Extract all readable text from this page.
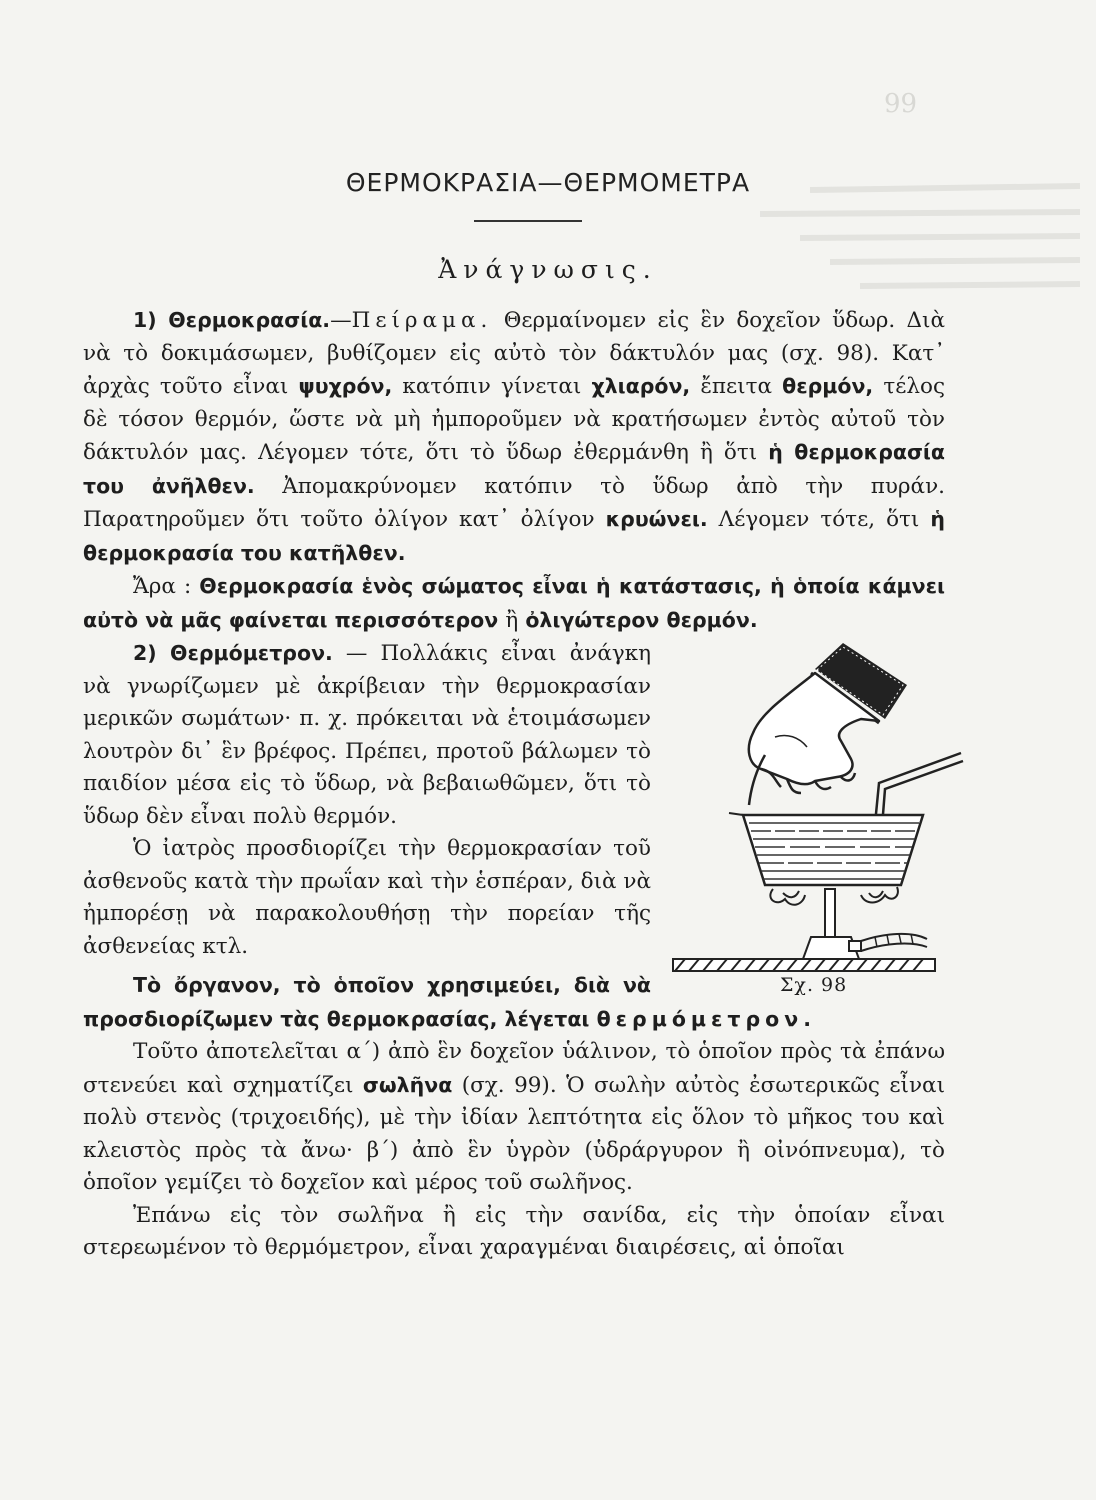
99
ΘΕΡΜΟΚΡΑΣΙΑ—ΘΕΡΜΟΜΕΤΡΑ
Ἀνάγνωσις.

1) Θερμοκρασία.—Πείραμα. Θερμαίνομεν εἰς ἓν δοχεῖον ὕδωρ. Διὰ νὰ τὸ δοκιμάσωμεν, βυθίζομεν εἰς αὐτὸ τὸν δάκτυλόν μας (σχ. 98). Κατ᾽ ἀρχὰς τοῦτο εἶναι ψυχρόν, κατόπιν γίνεται χλιαρόν, ἔπειτα θερμόν, τέλος δὲ τόσον θερμόν, ὥστε νὰ μὴ ἠμποροῦμεν νὰ κρατήσωμεν ἐντὸς αὐτοῦ τὸν δάκτυλόν μας. Λέγομεν τότε, ὅτι τὸ ὕδωρ ἐθερμάνθη ἢ ὅτι ἡ θερμοκρασία του ἀνῆλθεν. Ἀπομακρύνομεν κατόπιν τὸ ὕδωρ ἀπὸ τὴν πυράν. Παρατηροῦμεν ὅτι τοῦτο ὀλίγον κατ᾽ ὀλίγον κρυώνει. Λέγομεν τότε, ὅτι ἡ θερμοκρασία του κατῆλθεν.

Ἄρα : Θερμοκρασία ἑνὸς σώματος εἶναι ἡ κατάστασις, ἡ ὁποία κάμνει αὐτὸ νὰ μᾶς φαίνεται περισσότερον ἢ ὀλιγώτερον θερμόν.

Σχ. 98

2) Θερμόμετρον. — Πολλάκις εἶναι ἀνάγκη νὰ γνωρίζωμεν μὲ ἀκρίβειαν τὴν θερμοκρασίαν μερικῶν σωμάτων· π. χ. πρόκειται νὰ ἑτοιμάσωμεν λουτρὸν δι᾽ ἓν βρέφος. Πρέπει, προτοῦ βάλωμεν τὸ παιδίον μέσα εἰς τὸ ὕδωρ, νὰ βεβαιωθῶμεν, ὅτι τὸ ὕδωρ δὲν εἶναι πολὺ θερμόν.

Ὁ ἰατρὸς προσδιορίζει τὴν θερμοκρασίαν τοῦ ἀσθενοῦς κατὰ τὴν πρωΐαν καὶ τὴν ἑσπέραν, διὰ νὰ ἠμπορέσῃ νὰ παρακολουθήσῃ τὴν πορείαν τῆς ἀσθενείας κτλ.

Τὸ ὄργανον, τὸ ὁποῖον χρησιμεύει, διὰ νὰ προσδιορίζωμεν τὰς θερμοκρασίας, λέγεται θερμόμετρον.

Τοῦτο ἀποτελεῖται α΄) ἀπὸ ἓν δοχεῖον ὑάλινον, τὸ ὁποῖον πρὸς τὰ ἐπάνω στενεύει καὶ σχηματίζει σωλῆνα (σχ. 99). Ὁ σωλὴν αὐτὸς ἐσωτερικῶς εἶναι πολὺ στενὸς (τριχοειδής), μὲ τὴν ἰδίαν λεπτότητα εἰς ὅλον τὸ μῆκος του καὶ κλειστὸς πρὸς τὰ ἄνω· β΄) ἀπὸ ἓν ὑγρὸν (ὑδράργυρον ἢ οἰνόπνευμα), τὸ ὁποῖον γεμίζει τὸ δοχεῖον καὶ μέρος τοῦ σωλῆνος.

Ἐπάνω εἰς τὸν σωλῆνα ἢ εἰς τὴν σανίδα, εἰς τὴν ὁποίαν εἶναι στερεωμένον τὸ θερμόμετρον, εἶναι χαραγμέναι διαιρέσεις, αἱ ὁποῖαι
